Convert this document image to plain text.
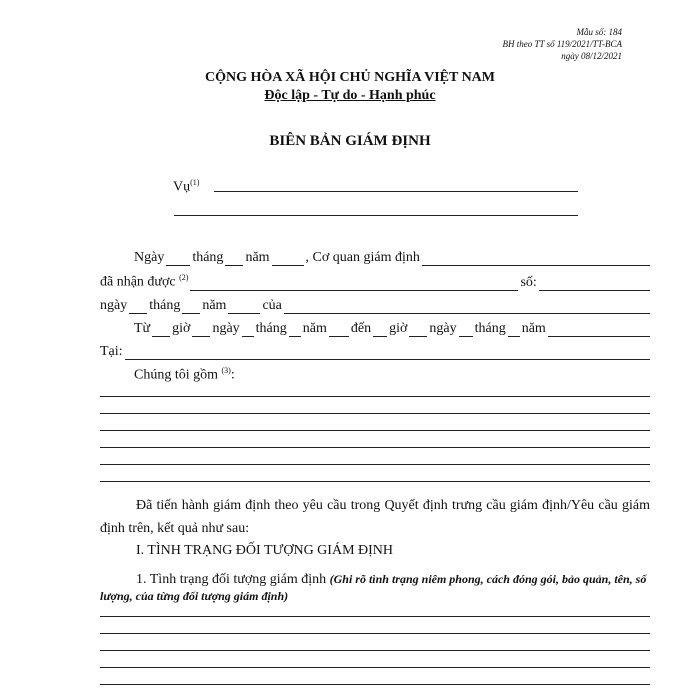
Mẫu số: 184
BH theo TT số 119/2021/TT-BCA
ngày 08/12/2021
CỘNG HÒA XÃ HỘI CHỦ NGHĨA VIỆT NAM
Độc lập - Tự do - Hạnh phúc
BIÊN BẢN GIÁM ĐỊNH
Vụ$^{(1)}$
Ngày tháng năm	, Cơ quan giám định
đã nhận được $^{(2)}$	số:
ngày tháng năm	của
Từ giờ ngày tháng năm đến giờ ngày tháng năm
Tại:
Chúng tôi gồm $^{(3)}$:
Đã tiến hành giám định theo yêu cầu trong Quyết định trưng cầu giám định/Yêu cầu giám định trên, kết quả như sau:
I. TÌNH TRẠNG ĐỐI TƯỢNG GIÁM ĐỊNH
1. Tình trạng đối tượng giám định (Ghi rõ tình trạng niêm phong, cách đóng gói, bảo quản, tên, số lượng, của từng đối tượng giám định)
